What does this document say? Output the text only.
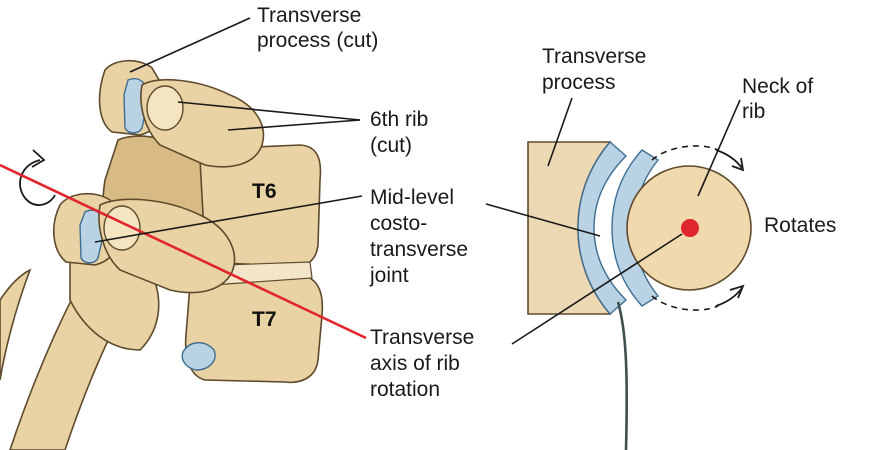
T6
T7
Transverse process (cut)
6th rib (cut)
Mid-level costo- transverse joint
Transverse axis of rib rotation
Transverse process	Neck of rib
Rotates
